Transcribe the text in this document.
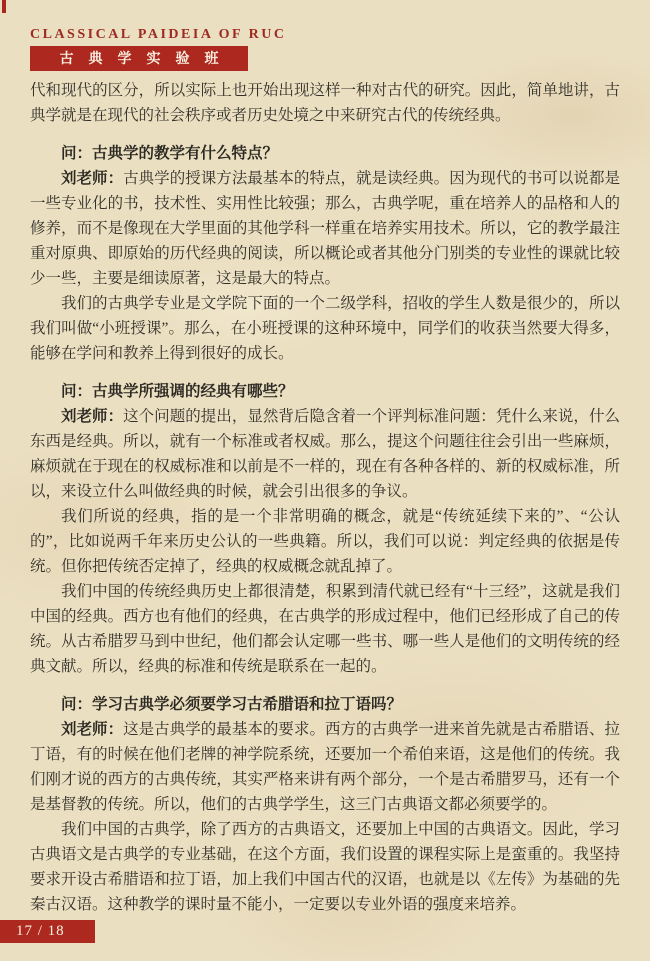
CLASSICAL PAIDEIA OF RUC
古典学实验班

代和现代的区分，所以实际上也开始出现这样一种对古代的研究。因此，简单地讲，古典学就是在现代的社会秩序或者历史处境之中来研究古代的传统经典。

问：古典学的教学有什么特点？

刘老师：古典学的授课方法最基本的特点，就是读经典。因为现代的书可以说都是一些专业化的书，技术性、实用性比较强；那么，古典学呢，重在培养人的品格和人的修养，而不是像现在大学里面的其他学科一样重在培养实用技术。所以，它的教学最注重对原典、即原始的历代经典的阅读，所以概论或者其他分门别类的专业性的课就比较少一些，主要是细读原著，这是最大的特点。

我们的古典学专业是文学院下面的一个二级学科，招收的学生人数是很少的，所以我们叫做“小班授课”。那么，在小班授课的这种环境中，同学们的收获当然要大得多，能够在学问和教养上得到很好的成长。

问：古典学所强调的经典有哪些？

刘老师：这个问题的提出，显然背后隐含着一个评判标准问题：凭什么来说，什么东西是经典。所以，就有一个标准或者权威。那么，提这个问题往往会引出一些麻烦，麻烦就在于现在的权威标准和以前是不一样的，现在有各种各样的、新的权威标准，所以，来设立什么叫做经典的时候，就会引出很多的争议。

我们所说的经典，指的是一个非常明确的概念，就是“传统延续下来的”、“公认的”，比如说两千年来历史公认的一些典籍。所以，我们可以说：判定经典的依据是传统。但你把传统否定掉了，经典的权威概念就乱掉了。

我们中国的传统经典历史上都很清楚，积累到清代就已经有“十三经”，这就是我们中国的经典。西方也有他们的经典，在古典学的形成过程中，他们已经形成了自己的传统。从古希腊罗马到中世纪，他们都会认定哪一些书、哪一些人是他们的文明传统的经典文献。所以，经典的标准和传统是联系在一起的。

问：学习古典学必须要学习古希腊语和拉丁语吗？

刘老师：这是古典学的最基本的要求。西方的古典学一进来首先就是古希腊语、拉丁语，有的时候在他们老牌的神学院系统，还要加一个希伯来语，这是他们的传统。我们刚才说的西方的古典传统，其实严格来讲有两个部分，一个是古希腊罗马，还有一个是基督教的传统。所以，他们的古典学学生，这三门古典语文都必须要学的。

我们中国的古典学，除了西方的古典语文，还要加上中国的古典语文。因此，学习古典语文是古典学的专业基础，在这个方面，我们设置的课程实际上是蛮重的。我坚持要求开设古希腊语和拉丁语，加上我们中国古代的汉语，也就是以《左传》为基础的先秦古汉语。这种教学的课时量不能小，一定要以专业外语的强度来培养。

17 / 18
